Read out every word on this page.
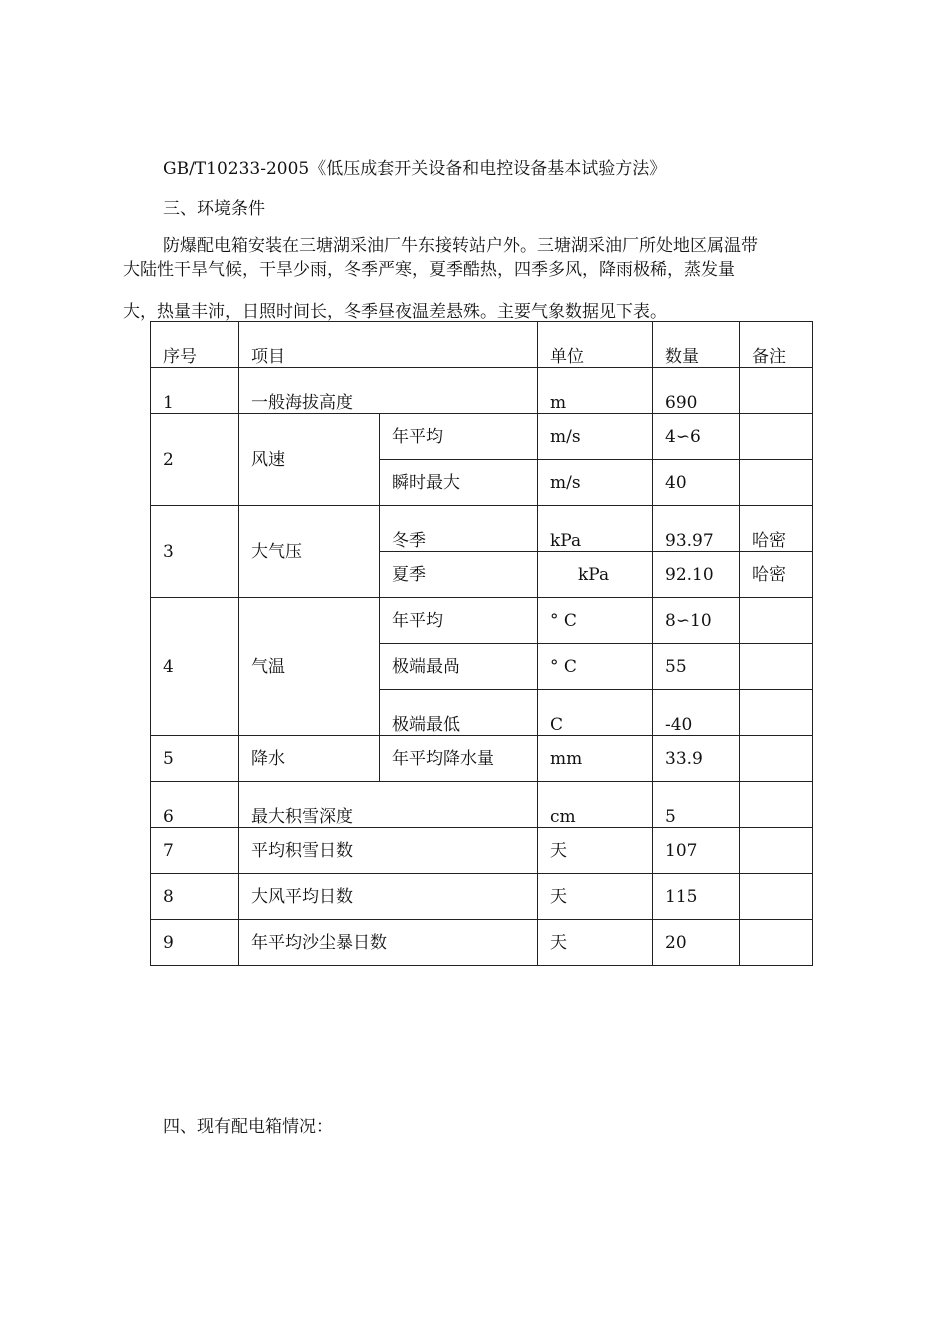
GB/T10233-2005《低压成套开关设备和电控设备基本试验方法》
三、环境条件
防爆配电箱安装在三塘湖采油厂牛东接转站户外。三塘湖采油厂所处地区属温带
大陆性干旱气候，干旱少雨，冬季严寒，夏季酷热，四季多风，降雨极稀，蒸发量
大，热量丰沛，日照时间长，冬季昼夜温差悬殊。主要气象数据见下表。
序号	项目		单位	数量	备注
1	一般海拔高度		m	690	
2	风速	年平均	m/s	4∽6	
		瞬时最大	m/s	40	
3	大气压	冬季	kPa	93.97	哈密
		夏季	kPa	92.10	哈密
4	气温	年平均	° C	8∽10	
		极端最咼	° C	55	
		极端最低	C	-40	
5	降水	年平均降水量	mm	33.9	
6	最大积雪深度		cm	5	
7	平均积雪日数		天	107	
8	大风平均日数		天	115	
9	年平均沙尘暴日数		天	20	
四、现有配电箱情况：
